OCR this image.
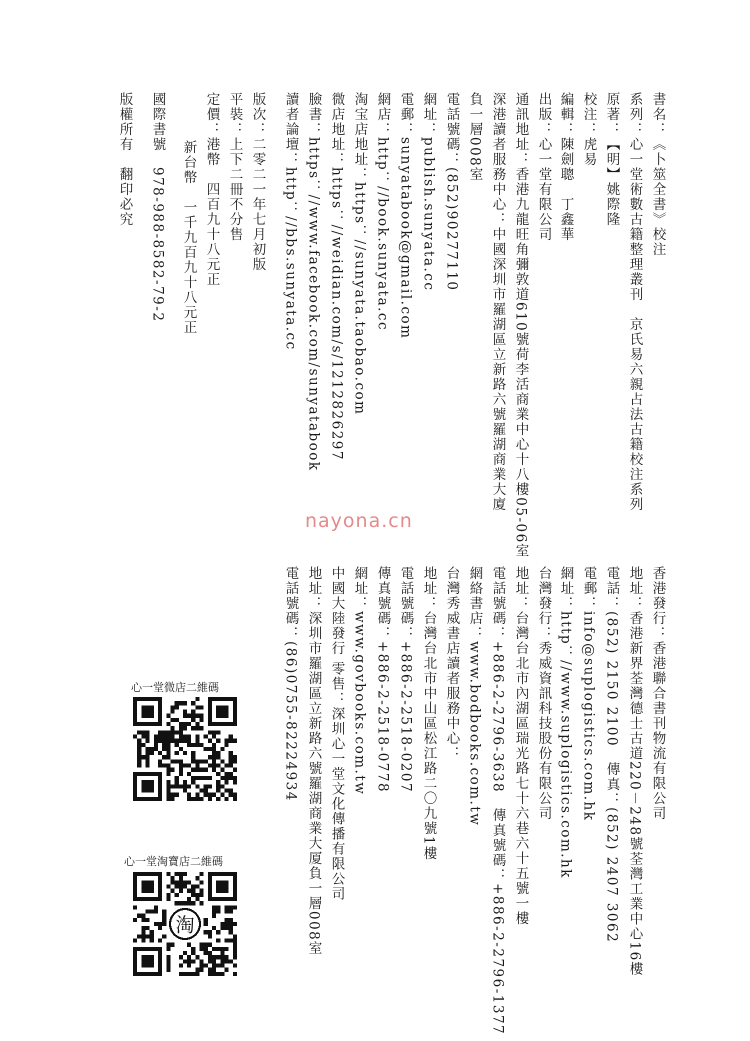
書名：《卜筮全書》校注
系列：心一堂術數古籍整理叢刊　京氏易六親占法古籍校注系列
原著：【明】姚際隆
校注：虎易
編輯：陳劍聰　丁鑫華
出版：心一堂有限公司
通訊地址：香港九龍旺角彌敦道610號荷李活商業中心十八樓05-06室
深港讀者服務中心：中國深圳市羅湖區立新路六號羅湖商業大廈
負一層008室
電話號碼：(852)90277110
網址：publish.sunyata.cc
電郵：sunyatabook@gmail.com
網店：http：//book.sunyata.cc
淘宝店地址：https：//sunyata.taobao.com
微店地址：https：//weidian.com/s/1212826297
臉書：https：//www.facebook.com/sunyatabook
讀者論壇：http：//bbs.sunyata.cc
版次：二零二一年七月初版
平裝：上下二冊不分售
定價：港幣　四百九十八元正
新台幣　一千九百九十八元正
國際書號　978-988-8582-79-2
版權所有　翻印必究
nayona.cn
香港發行：香港聯合書刊物流有限公司
地址：香港新界荃灣德士古道220－248號荃灣工業中心16樓
電話：(852) 2150 2100　傳真：(852) 2407 3062
電郵：info@suplogistics.com.hk
網址：http：//www.suplogistics.com.hk
台灣發行：秀威資訊科技股份有限公司
地址：台灣台北市內湖區瑞光路七十六巷六十五號一樓
電話號碼：+886-2-2796-3638　傳真號碼：+886-2-2796-1377
網絡書店：www.bodbooks.com.tw
台灣秀威書店讀者服務中心：
地址：台灣台北市中山區松江路二〇九號1樓
電話號碼：+886-2-2518-0207
傳真號碼：+886-2-2518-0778
網址：www.govbooks.com.tw
中國大陸發行 零售：深圳心一堂文化傳播有限公司
地址：深圳市羅湖區立新路六號羅湖商業大厦負一層008室
電話號碼：(86)0755-82224934
心一堂微店二維碼
心一堂淘寶店二維碼
淘
